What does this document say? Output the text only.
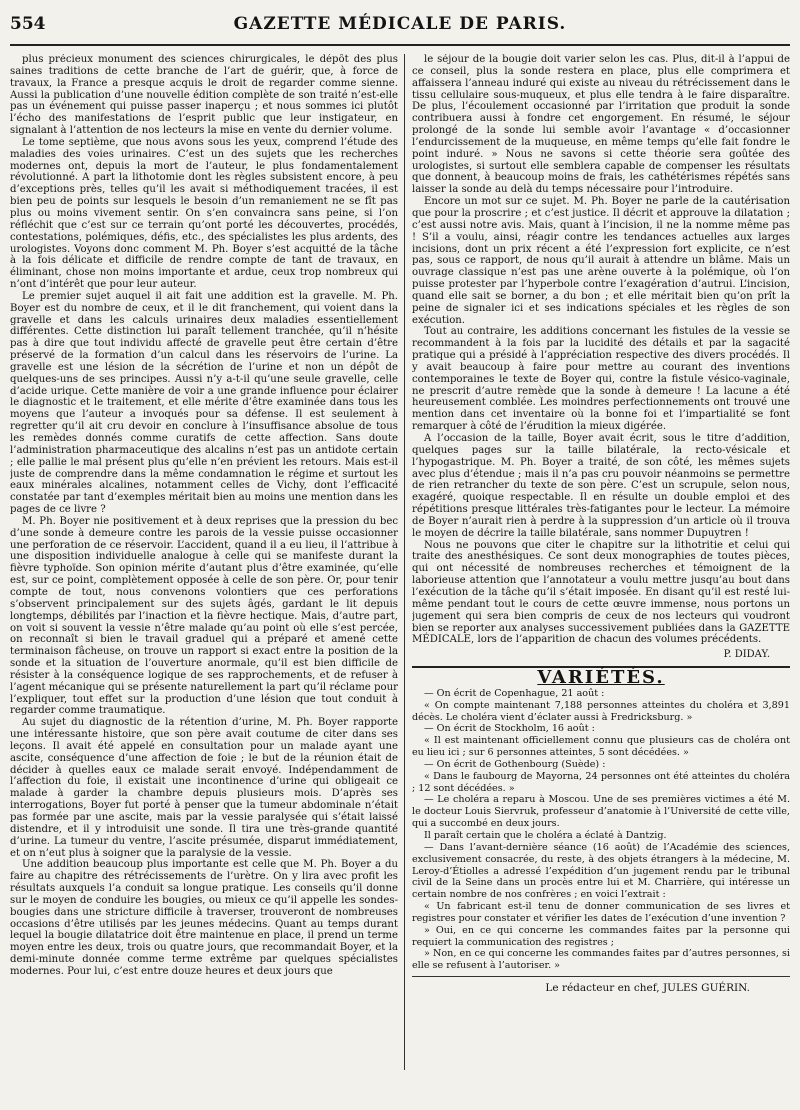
554	GAZETTE MÉDICALE DE PARIS.

plus précieux monument des sciences chirurgicales, le dépôt des plus saines traditions de cette branche de l’art de guérir, que, à force de travaux, la France a presque acquis le droit de regarder comme sienne. Aussi la publication d’une nouvelle édition complète de son traité n’est-elle pas un événement qui puisse passer inaperçu ; et nous sommes ici plutôt l’écho des manifestations de l’esprit public que leur instigateur, en signalant à l’attention de nos lecteurs la mise en vente du dernier volume.

Le tome septième, que nous avons sous les yeux, comprend l’étude des maladies des voies urinaires. C’est un des sujets que les recherches modernes ont, depuis la mort de l’auteur, le plus fondamentalement révolutionné. A part la lithotomie dont les règles subsistent encore, à peu d’exceptions près, telles qu’il les avait si méthodiquement tracées, il est bien peu de points sur lesquels le besoin d’un remaniement ne se fît pas plus ou moins vivement sentir. On s’en convaincra sans peine, si l’on réfléchit que c’est sur ce terrain qu’ont porté les découvertes, procédés, contestations, polémiques, défis, etc., des spécialistes les plus ardents, des urologistes. Voyons donc comment M. Ph. Boyer s’est acquitté de la tâche à la fois délicate et difficile de rendre compte de tant de travaux, en éliminant, chose non moins importante et ardue, ceux trop nombreux qui n’ont d’intérêt que pour leur auteur.

Le premier sujet auquel il ait fait une addition est la gravelle. M. Ph. Boyer est du nombre de ceux, et il le dit franchement, qui voient dans la gravelle et dans les calculs urinaires deux maladies essentiellement différentes. Cette distinction lui paraît tellement tranchée, qu’il n’hésite pas à dire que tout individu affecté de gravelle peut être certain d’être préservé de la formation d’un calcul dans les réservoirs de l’urine. La gravelle est une lésion de la sécrétion de l’urine et non un dépôt de quelques-uns de ses principes. Aussi n’y a-t-il qu’une seule gravelle, celle d’acide urique. Cette manière de voir a une grande influence pour éclairer le diagnostic et le traitement, et elle mérite d’être examinée dans tous les moyens que l’auteur a invoqués pour sa défense. Il est seulement à regretter qu’il ait cru devoir en conclure à l’insuffisance absolue de tous les remèdes donnés comme curatifs de cette affection. Sans doute l’administration pharmaceutique des alcalins n’est pas un antidote certain ; elle pallie le mal présent plus qu’elle n’en prévient les retours. Mais est-il juste de comprendre dans la même condamnation le régime et surtout les eaux minérales alcalines, notamment celles de Vichy, dont l’efficacité constatée par tant d’exemples méritait bien au moins une mention dans les pages de ce livre ?

M. Ph. Boyer nie positivement et à deux reprises que la pression du bec d’une sonde à demeure contre les parois de la vessie puisse occasionner une perforation de ce réservoir. L’accident, quand il a eu lieu, il l’attribue à une disposition individuelle analogue à celle qui se manifeste durant la fièvre typhoïde. Son opinion mérite d’autant plus d’être examinée, qu’elle est, sur ce point, complètement opposée à celle de son père. Or, pour tenir compte de tout, nous convenons volontiers que ces perforations s’observent principalement sur des sujets âgés, gardant le lit depuis longtemps, débilités par l’inaction et la fièvre hectique. Mais, d’autre part, on voit si souvent la vessie n’être malade qu’au point où elle s’est percée, on reconnaît si bien le travail graduel qui a préparé et amené cette terminaison fâcheuse, on trouve un rapport si exact entre la position de la sonde et la situation de l’ouverture anormale, qu’il est bien difficile de résister à la conséquence logique de ses rapprochements, et de refuser à l’agent mécanique qui se présente naturellement la part qu’il réclame pour l’expliquer, tout effet sur la production d’une lésion que tout conduit à regarder comme traumatique.

Au sujet du diagnostic de la rétention d’urine, M. Ph. Boyer rapporte une intéressante histoire, que son père avait coutume de citer dans ses leçons. Il avait été appelé en consultation pour un malade ayant une ascite, conséquence d’une affection de foie ; le but de la réunion était de décider à quelles eaux ce malade serait envoyé. Indépendamment de l’affection du foie, il existait une incontinence d’urine qui obligeait ce malade à garder la chambre depuis plusieurs mois. D’après ses interrogations, Boyer fut porté à penser que la tumeur abdominale n’était pas formée par une ascite, mais par la vessie paralysée qui s’était laissé distendre, et il y introduisit une sonde. Il tira une très-grande quantité d’urine. La tumeur du ventre, l’ascite présumée, disparut immédiatement, et on n’eut plus à soigner que la paralysie de la vessie.

Une addition beaucoup plus importante est celle que M. Ph. Boyer a du faire au chapitre des rétrécissements de l’urètre. On y lira avec profit les résultats auxquels l’a conduit sa longue pratique. Les conseils qu’il donne sur le moyen de conduire les bougies, ou mieux ce qu’il appelle les sondes-bougies dans une stricture difficile à traverser, trouveront de nombreuses occasions d’être utilisés par les jeunes médecins. Quant au temps durant lequel la bougie dilatatrice doit être maintenue en place, il prend un terme moyen entre les deux, trois ou quatre jours, que recommandait Boyer, et la demi-minute donnée comme terme extrême par quelques spécialistes modernes. Pour lui, c’est entre douze heures et deux jours que

le séjour de la bougie doit varier selon les cas. Plus, dit-il à l’appui de ce conseil, plus la sonde restera en place, plus elle comprimera et affaissera l’anneau induré qui existe au niveau du rétrécissement dans le tissu cellulaire sous-muqueux, et plus elle tendra à le faire disparaître. De plus, l’écoulement occasionné par l’irritation que produit la sonde contribuera aussi à fondre cet engorgement. En résumé, le séjour prolongé de la sonde lui semble avoir l’avantage « d’occasionner l’endurcissement de la muqueuse, en même temps qu’elle fait fondre le point induré. » Nous ne savons si cette théorie sera goûtée des urologistes, si surtout elle semblera capable de compenser les résultats que donnent, à beaucoup moins de frais, les cathétérismes répétés sans laisser la sonde au delà du temps nécessaire pour l’introduire.

Encore un mot sur ce sujet. M. Ph. Boyer ne parle de la cautérisation que pour la proscrire ; et c’est justice. Il décrit et approuve la dilatation ; c’est aussi notre avis. Mais, quant à l’incision, il ne la nomme même pas ! S’il a voulu, ainsi, réagir contre les tendances actuelles aux larges incisions, dont un prix récent a été l’expression fort explicite, ce n’est pas, sous ce rapport, de nous qu’il aurait à attendre un blâme. Mais un ouvrage classique n’est pas une arène ouverte à la polémique, où l’on puisse protester par l’hyperbole contre l’exagération d’autrui. L’incision, quand elle sait se borner, a du bon ; et elle méritait bien qu’on prît la peine de signaler ici et ses indications spéciales et les règles de son exécution.

Tout au contraire, les additions concernant les fistules de la vessie se recommandent à la fois par la lucidité des détails et par la sagacité pratique qui a présidé à l’appréciation respective des divers procédés. Il y avait beaucoup à faire pour mettre au courant des inventions contemporaines le texte de Boyer qui, contre la fistule vésico-vaginale, ne prescrit d’autre remède que la sonde à demeure ! La lacune a été heureusement comblée. Les moindres perfectionnements ont trouvé une mention dans cet inventaire où la bonne foi et l’impartialité se font remarquer à côté de l’érudition la mieux digérée.

A l’occasion de la taille, Boyer avait écrit, sous le titre d’addition, quelques pages sur la taille bilatérale, la recto-vésicale et l’hypogastrique. M. Ph. Boyer a traité, de son côté, les mêmes sujets avec plus d’étendue ; mais il n’a pas cru pouvoir néanmoins se permettre de rien retrancher du texte de son père. C’est un scrupule, selon nous, exagéré, quoique respectable. Il en résulte un double emploi et des répétitions presque littérales très-fatigantes pour le lecteur. La mémoire de Boyer n’aurait rien à perdre à la suppression d’un article où il trouva le moyen de décrire la taille bilatérale, sans nommer Dupuytren !

Nous ne pouvons que citer le chapitre sur la lithotritie et celui qui traite des anesthésiques. Ce sont deux monographies de toutes pièces, qui ont nécessité de nombreuses recherches et témoignent de la laborieuse attention que l’annotateur a voulu mettre jusqu’au bout dans l’exécution de la tâche qu’il s’était imposée. En disant qu’il est resté lui-même pendant tout le cours de cette œuvre immense, nous portons un jugement qui sera bien compris de ceux de nos lecteurs qui voudront bien se reporter aux analyses successivement publiées dans la GAZETTE MÉDICALE, lors de l’apparition de chacun des volumes précédents.

P. DIDAY.
VARIÉTÉS.

— On écrit de Copenhague, 21 août :

« On compte maintenant 7,188 personnes atteintes du choléra et 3,891 décès. Le choléra vient d’éclater aussi à Fredricksburg. »

— On écrit de Stockholm, 16 août :

« Il est maintenant officiellement connu que plusieurs cas de choléra ont eu lieu ici ; sur 6 personnes atteintes, 5 sont décédées. »

— On écrit de Gothenbourg (Suède) :

« Dans le faubourg de Mayorna, 24 personnes ont été atteintes du choléra ; 12 sont décédées. »

— Le choléra a reparu à Moscou. Une de ses premières victimes a été M. le docteur Louis Siervruk, professeur d’anatomie à l’Université de cette ville, qui a succombé en deux jours.

Il paraît certain que le choléra a éclaté à Dantzig.

— Dans l’avant-dernière séance (16 août) de l’Académie des sciences, exclusivement consacrée, du reste, à des objets étrangers à la médecine, M. Leroy-d’Étiolles a adressé l’expédition d’un jugement rendu par le tribunal civil de la Seine dans un procès entre lui et M. Charrière, qui intéresse un certain nombre de nos confrères ; en voici l’extrait :

« Un fabricant est-il tenu de donner communication de ses livres et registres pour constater et vérifier les dates de l’exécution d’une invention ?

» Oui, en ce qui concerne les commandes faites par la personne qui requiert la communication des registres ;

» Non, en ce qui concerne les commandes faites par d’autres personnes, si elle se refusent à l’autoriser. »

Le rédacteur en chef, JULES GUÉRIN.
